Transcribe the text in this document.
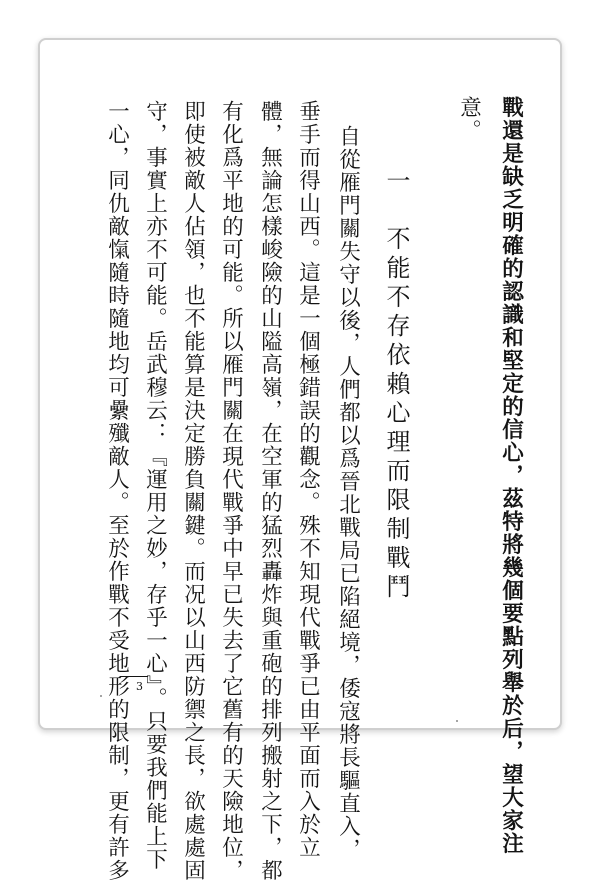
戰還是缺乏明確的認識和堅定的信心，茲特將幾個要點列舉於后，望大家注
意。
一　不能不存依賴心理而限制戰鬥
自從雁門關失守以後，人們都以爲晉北戰局已陷絕境，倭寇將長驅直入，
垂手而得山西。這是一個極錯誤的觀念。殊不知現代戰爭已由平面而入於立
體，無論怎樣峻險的山隘高嶺，在空軍的猛烈轟炸與重砲的排列搬射之下，都
有化爲平地的可能。所以雁門關在現代戰爭中早已失去了它舊有的天險地位，
即使被敵人佔領，也不能算是決定勝負關鍵。而况以山西防禦之長，欲處處固
守，事實上亦不可能。岳武穆云：『運用之妙，存乎一心』。只要我們能上下
一心，同仇敵愾隨時隨地均可纍殲敵人。至於作戰不受地形的限制，更有許多 3
